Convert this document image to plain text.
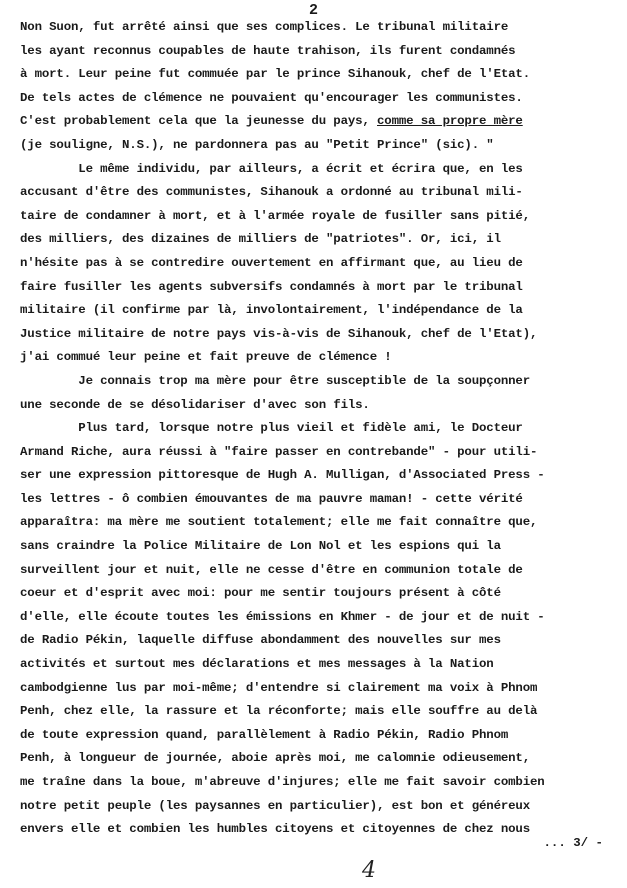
2
Non Suon, fut arrêté ainsi que ses complices. Le tribunal militaire
les ayant reconnus coupables de haute trahison, ils furent condamnés
à mort. Leur peine fut commuée par le prince Sihanouk, chef de l'Etat.
De tels actes de clémence ne pouvaient qu'encourager les communistes.
C'est probablement cela que la jeunesse du pays, comme sa propre mère
(je souligne, N.S.), ne pardonnera pas au "Petit Prince" (sic). "
Le même individu, par ailleurs, a écrit et écrira que, en les
accusant d'être des communistes, Sihanouk a ordonné au tribunal mili-
taire de condamner à mort, et à l'armée royale de fusiller sans pitié,
des milliers, des dizaines de milliers de "patriotes". Or, ici, il
n'hésite pas à se contredire ouvertement en affirmant que, au lieu de
faire fusiller les agents subversifs condamnés à mort par le tribunal
militaire (il confirme par là, involontairement, l'indépendance de la
Justice militaire de notre pays vis-à-vis de Sihanouk, chef de l'Etat),
j'ai commué leur peine et fait preuve de clémence !
Je connais trop ma mère pour être susceptible de la soupçonner
une seconde de se désolidariser d'avec son fils.
Plus tard, lorsque notre plus vieil et fidèle ami, le Docteur
Armand Riche, aura réussi à "faire passer en contrebande" - pour utili-
ser une expression pittoresque de Hugh A. Mulligan, d'Associated Press -
les lettres - ô combien émouvantes de ma pauvre maman! - cette vérité
apparaîtra: ma mère me soutient totalement; elle me fait connaître que,
sans craindre la Police Militaire de Lon Nol et les espions qui la
surveillent jour et nuit, elle ne cesse d'être en communion totale de
coeur et d'esprit avec moi: pour me sentir toujours présent à côté
d'elle, elle écoute toutes les émissions en Khmer - de jour et de nuit -
de Radio Pékin, laquelle diffuse abondamment des nouvelles sur mes
activités et surtout mes déclarations et mes messages à la Nation
cambodgienne lus par moi-même; d'entendre si clairement ma voix à Phnom
Penh, chez elle, la rassure et la réconforte; mais elle souffre au delà
de toute expression quand, parallèlement à Radio Pékin, Radio Phnom
Penh, à longueur de journée, aboie après moi, me calomnie odieusement,
me traîne dans la boue, m'abreuve d'injures; elle me fait savoir combien
notre petit peuple (les paysannes en particulier), est bon et généreux
envers elle et combien les humbles citoyens et citoyennes de chez nous
... 3/ -
4
